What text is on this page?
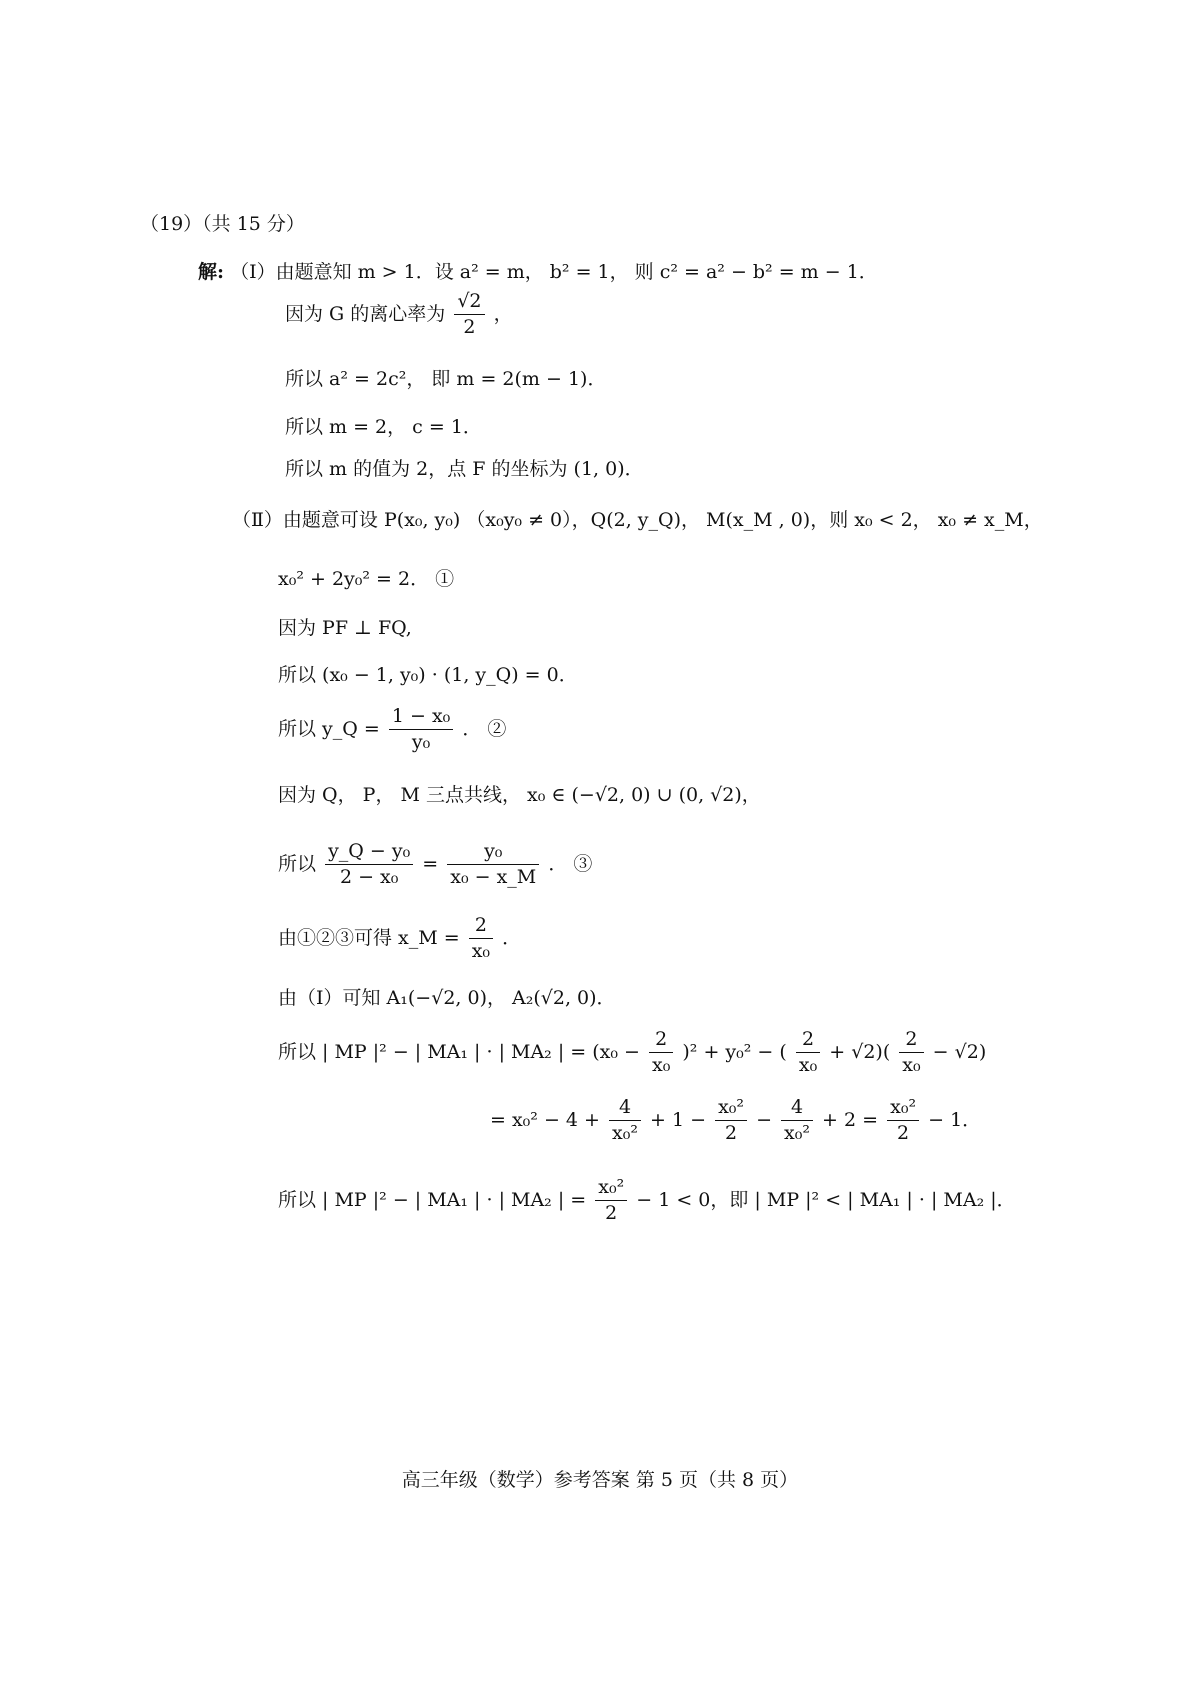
（19）（共 15 分）
解: （Ⅰ）由题意知 m > 1．设 a² = m， b² = 1， 则 c² = a² − b² = m − 1．
因为 G 的离心率为 $\frac{√2}{2}$ ，
所以 a² = 2c²， 即 m = 2(m − 1)．
所以 m = 2， c = 1．
所以 m 的值为 2，点 F 的坐标为 (1, 0)．
（Ⅱ）由题意可设 P(x₀, y₀) （x₀y₀ ≠ 0），Q(2, y_Q)， M(x_M , 0)，则 x₀ < 2， x₀ ≠ x_M，
x₀² + 2y₀² = 2． ①
因为 PF ⊥ FQ,
所以 (x₀ − 1, y₀) · (1, y_Q) = 0．
所以 y_Q = $\frac{\text{1 − x₀}}{\text{y₀}}$ ． ②
因为 Q， P， M 三点共线， x₀ ∈ (−√2, 0) ∪ (0, √2)，
所以 $\frac{\text{y\_Q − y₀}}{\text{2 − x₀}} = \frac{\text{y₀}}{\text{x₀ − x\_M}}$ ． ③
由①②③可得 x_M = $\frac{2}{\text{x₀}}$ ．
由（Ⅰ）可知 A₁(−√2, 0)， A₂(√2, 0)．
所以 | MP |² − | MA₁ | · | MA₂ | = $(x_0 - \frac{2}{\text{x₀}} )^2 + y_0^2$ − ( $\frac{2}{\text{x₀}} + √2)( \frac{2}{\text{x₀}} - √2)$
= $x_0^2 - 4 + \frac{4}{\text{x₀²}} + 1 - \frac{\text{x₀²}}{2} - \frac{4}{\text{x₀²}} + 2 = \frac{\text{x₀²}}{2} - 1$．
所以 | MP |² − | MA₁ | · | MA₂ | = $\frac{\text{x₀²}}{2} - 1 < 0$，即 | MP |² < | MA₁ | · | MA₂ |．
高三年级（数学）参考答案 第 5 页（共 8 页）
